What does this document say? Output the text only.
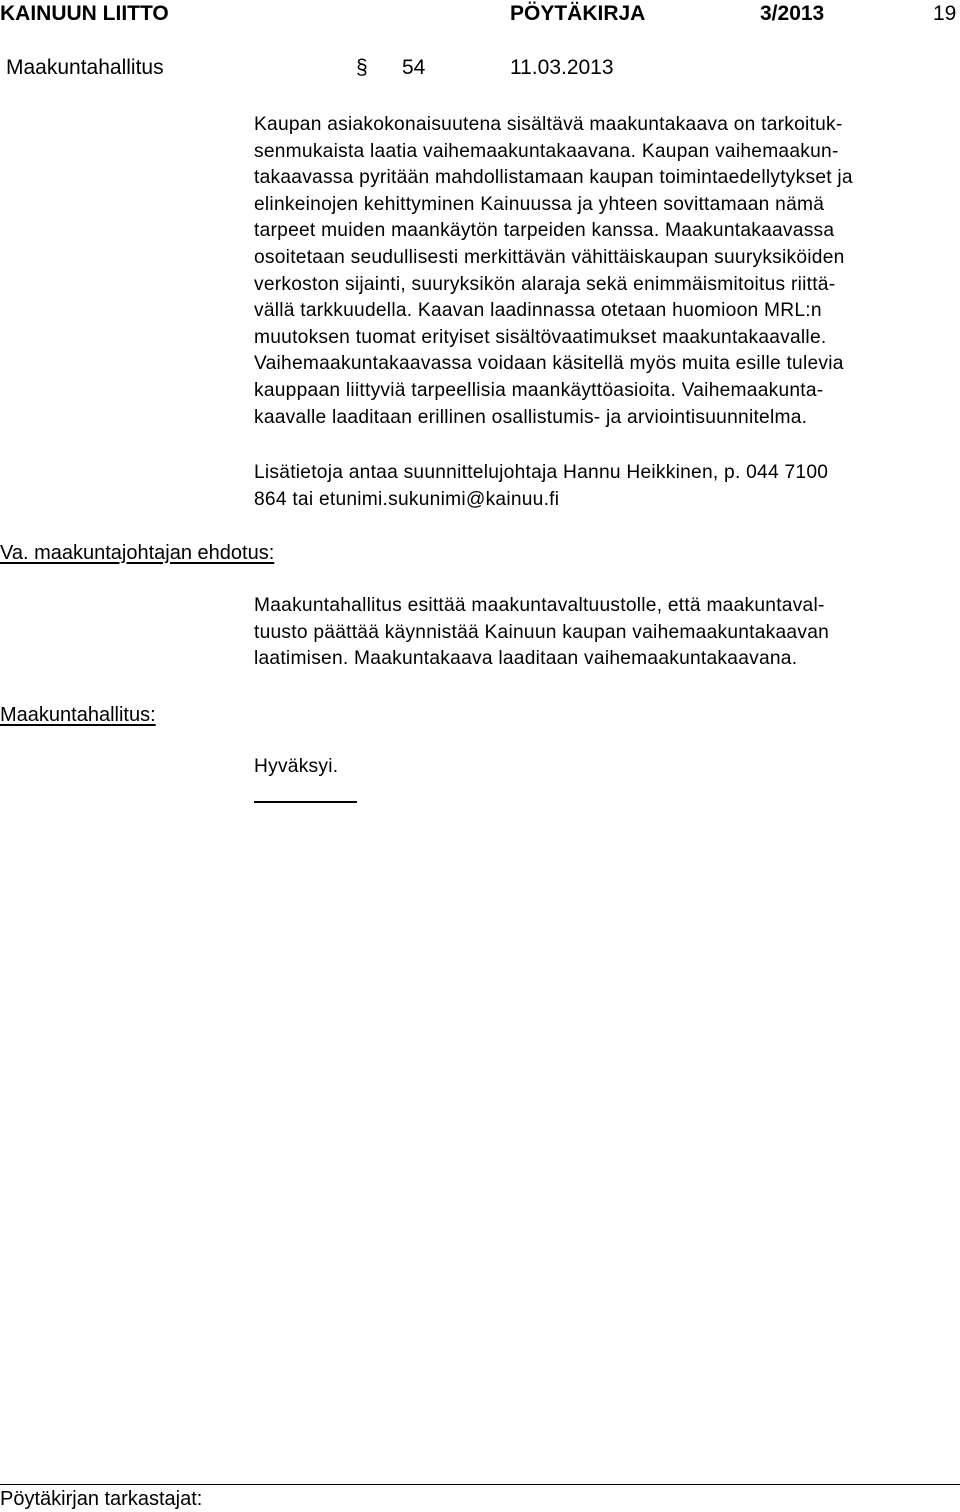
KAINUUN LIITTO	PÖYTÄKIRJA	3/2013	19
Maakuntahallitus	§ 54	11.03.2013
Kaupan asiakokonaisuutena sisältävä maakuntakaava on tarkoituk-
senmukaista laatia vaihemaakuntakaavana. Kaupan vaihemaakun-
takaavassa pyritään mahdollistamaan kaupan toimintaedellytykset ja
elinkeinojen kehittyminen Kainuussa ja yhteen sovittamaan nämä
tarpeet muiden maankäytön tarpeiden kanssa. Maakuntakaavassa
osoitetaan seudullisesti merkittävän vähittäiskaupan suuryksiköiden
verkoston sijainti, suuryksikön alaraja sekä enimmäismitoitus riittä-
vällä tarkkuudella. Kaavan laadinnassa otetaan huomioon MRL:n
muutoksen tuomat erityiset sisältövaatimukset maakuntakaavalle.
Vaihemaakuntakaavassa voidaan käsitellä myös muita esille tulevia
kauppaan liittyviä tarpeellisia maankäyttöasioita. Vaihemaakunta-
kaavalle laaditaan erillinen osallistumis- ja arviointisuunnitelma.
Lisätietoja antaa suunnittelujohtaja Hannu Heikkinen, p. 044 7100
864 tai etunimi.sukunimi@kainuu.fi
Va. maakuntajohtajan ehdotus:
Maakuntahallitus esittää maakuntavaltuustolle, että maakuntaval-
tuusto päättää käynnistää Kainuun kaupan vaihemaakuntakaavan
laatimisen. Maakuntakaava laaditaan vaihemaakuntakaavana.
Maakuntahallitus:
Hyväksyi.
Pöytäkirjan tarkastajat:
